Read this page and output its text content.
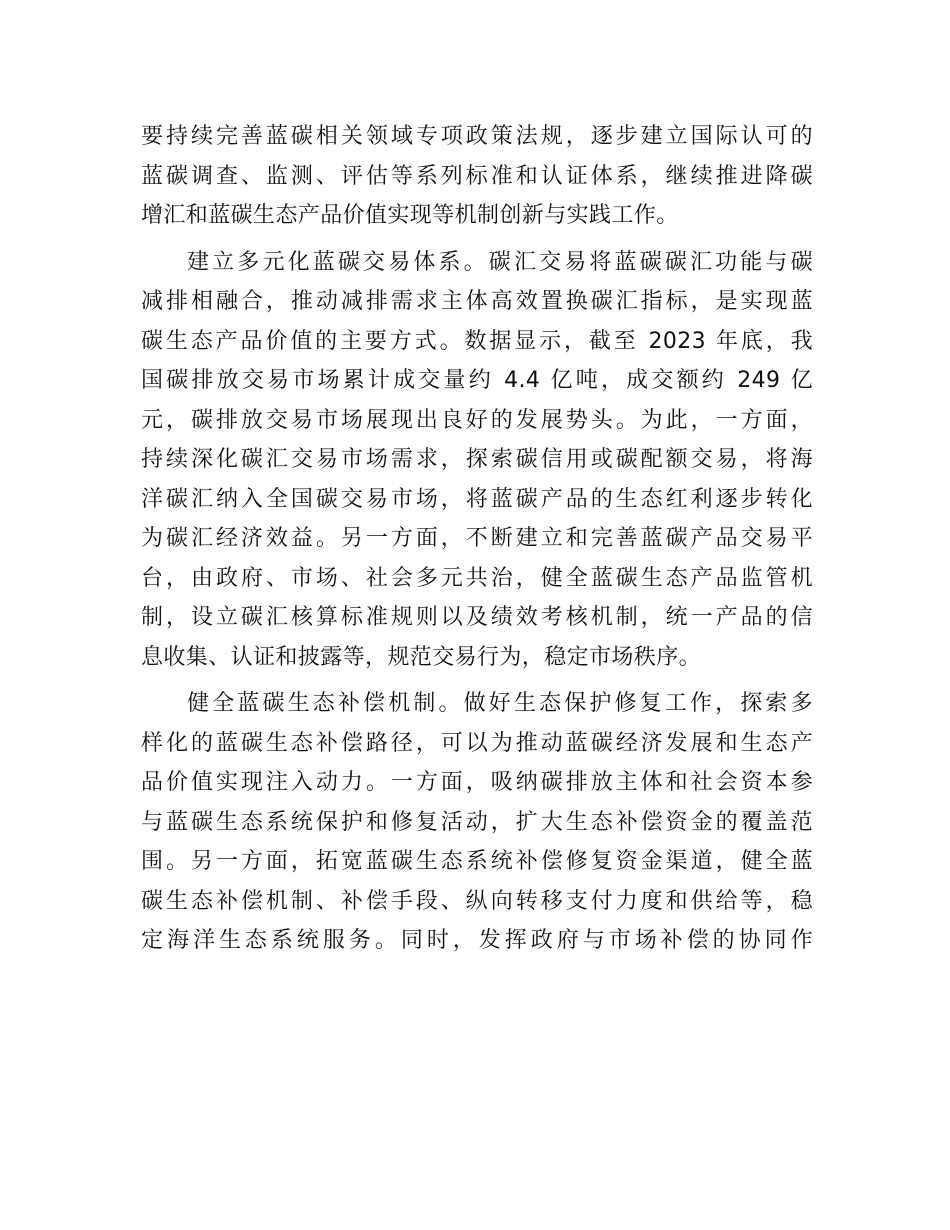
要持续完善蓝碳相关领域专项政策法规，逐步建立国际认可的
蓝碳调查、监测、评估等系列标准和认证体系，继续推进降碳
增汇和蓝碳生态产品价值实现等机制创新与实践工作。

建立多元化蓝碳交易体系。碳汇交易将蓝碳碳汇功能与碳
减排相融合，推动减排需求主体高效置换碳汇指标，是实现蓝
碳生态产品价值的主要方式。数据显示，截至 2023 年底，我
国碳排放交易市场累计成交量约 4.4 亿吨，成交额约 249 亿
元，碳排放交易市场展现出良好的发展势头。为此，一方面，
持续深化碳汇交易市场需求，探索碳信用或碳配额交易，将海
洋碳汇纳入全国碳交易市场，将蓝碳产品的生态红利逐步转化
为碳汇经济效益。另一方面，不断建立和完善蓝碳产品交易平
台，由政府、市场、社会多元共治，健全蓝碳生态产品监管机
制，设立碳汇核算标准规则以及绩效考核机制，统一产品的信
息收集、认证和披露等，规范交易行为，稳定市场秩序。

健全蓝碳生态补偿机制。做好生态保护修复工作，探索多
样化的蓝碳生态补偿路径，可以为推动蓝碳经济发展和生态产
品价值实现注入动力。一方面，吸纳碳排放主体和社会资本参
与蓝碳生态系统保护和修复活动，扩大生态补偿资金的覆盖范
围。另一方面，拓宽蓝碳生态系统补偿修复资金渠道，健全蓝
碳生态补偿机制、补偿手段、纵向转移支付力度和供给等，稳
定海洋生态系统服务。同时，发挥政府与市场补偿的协同作
